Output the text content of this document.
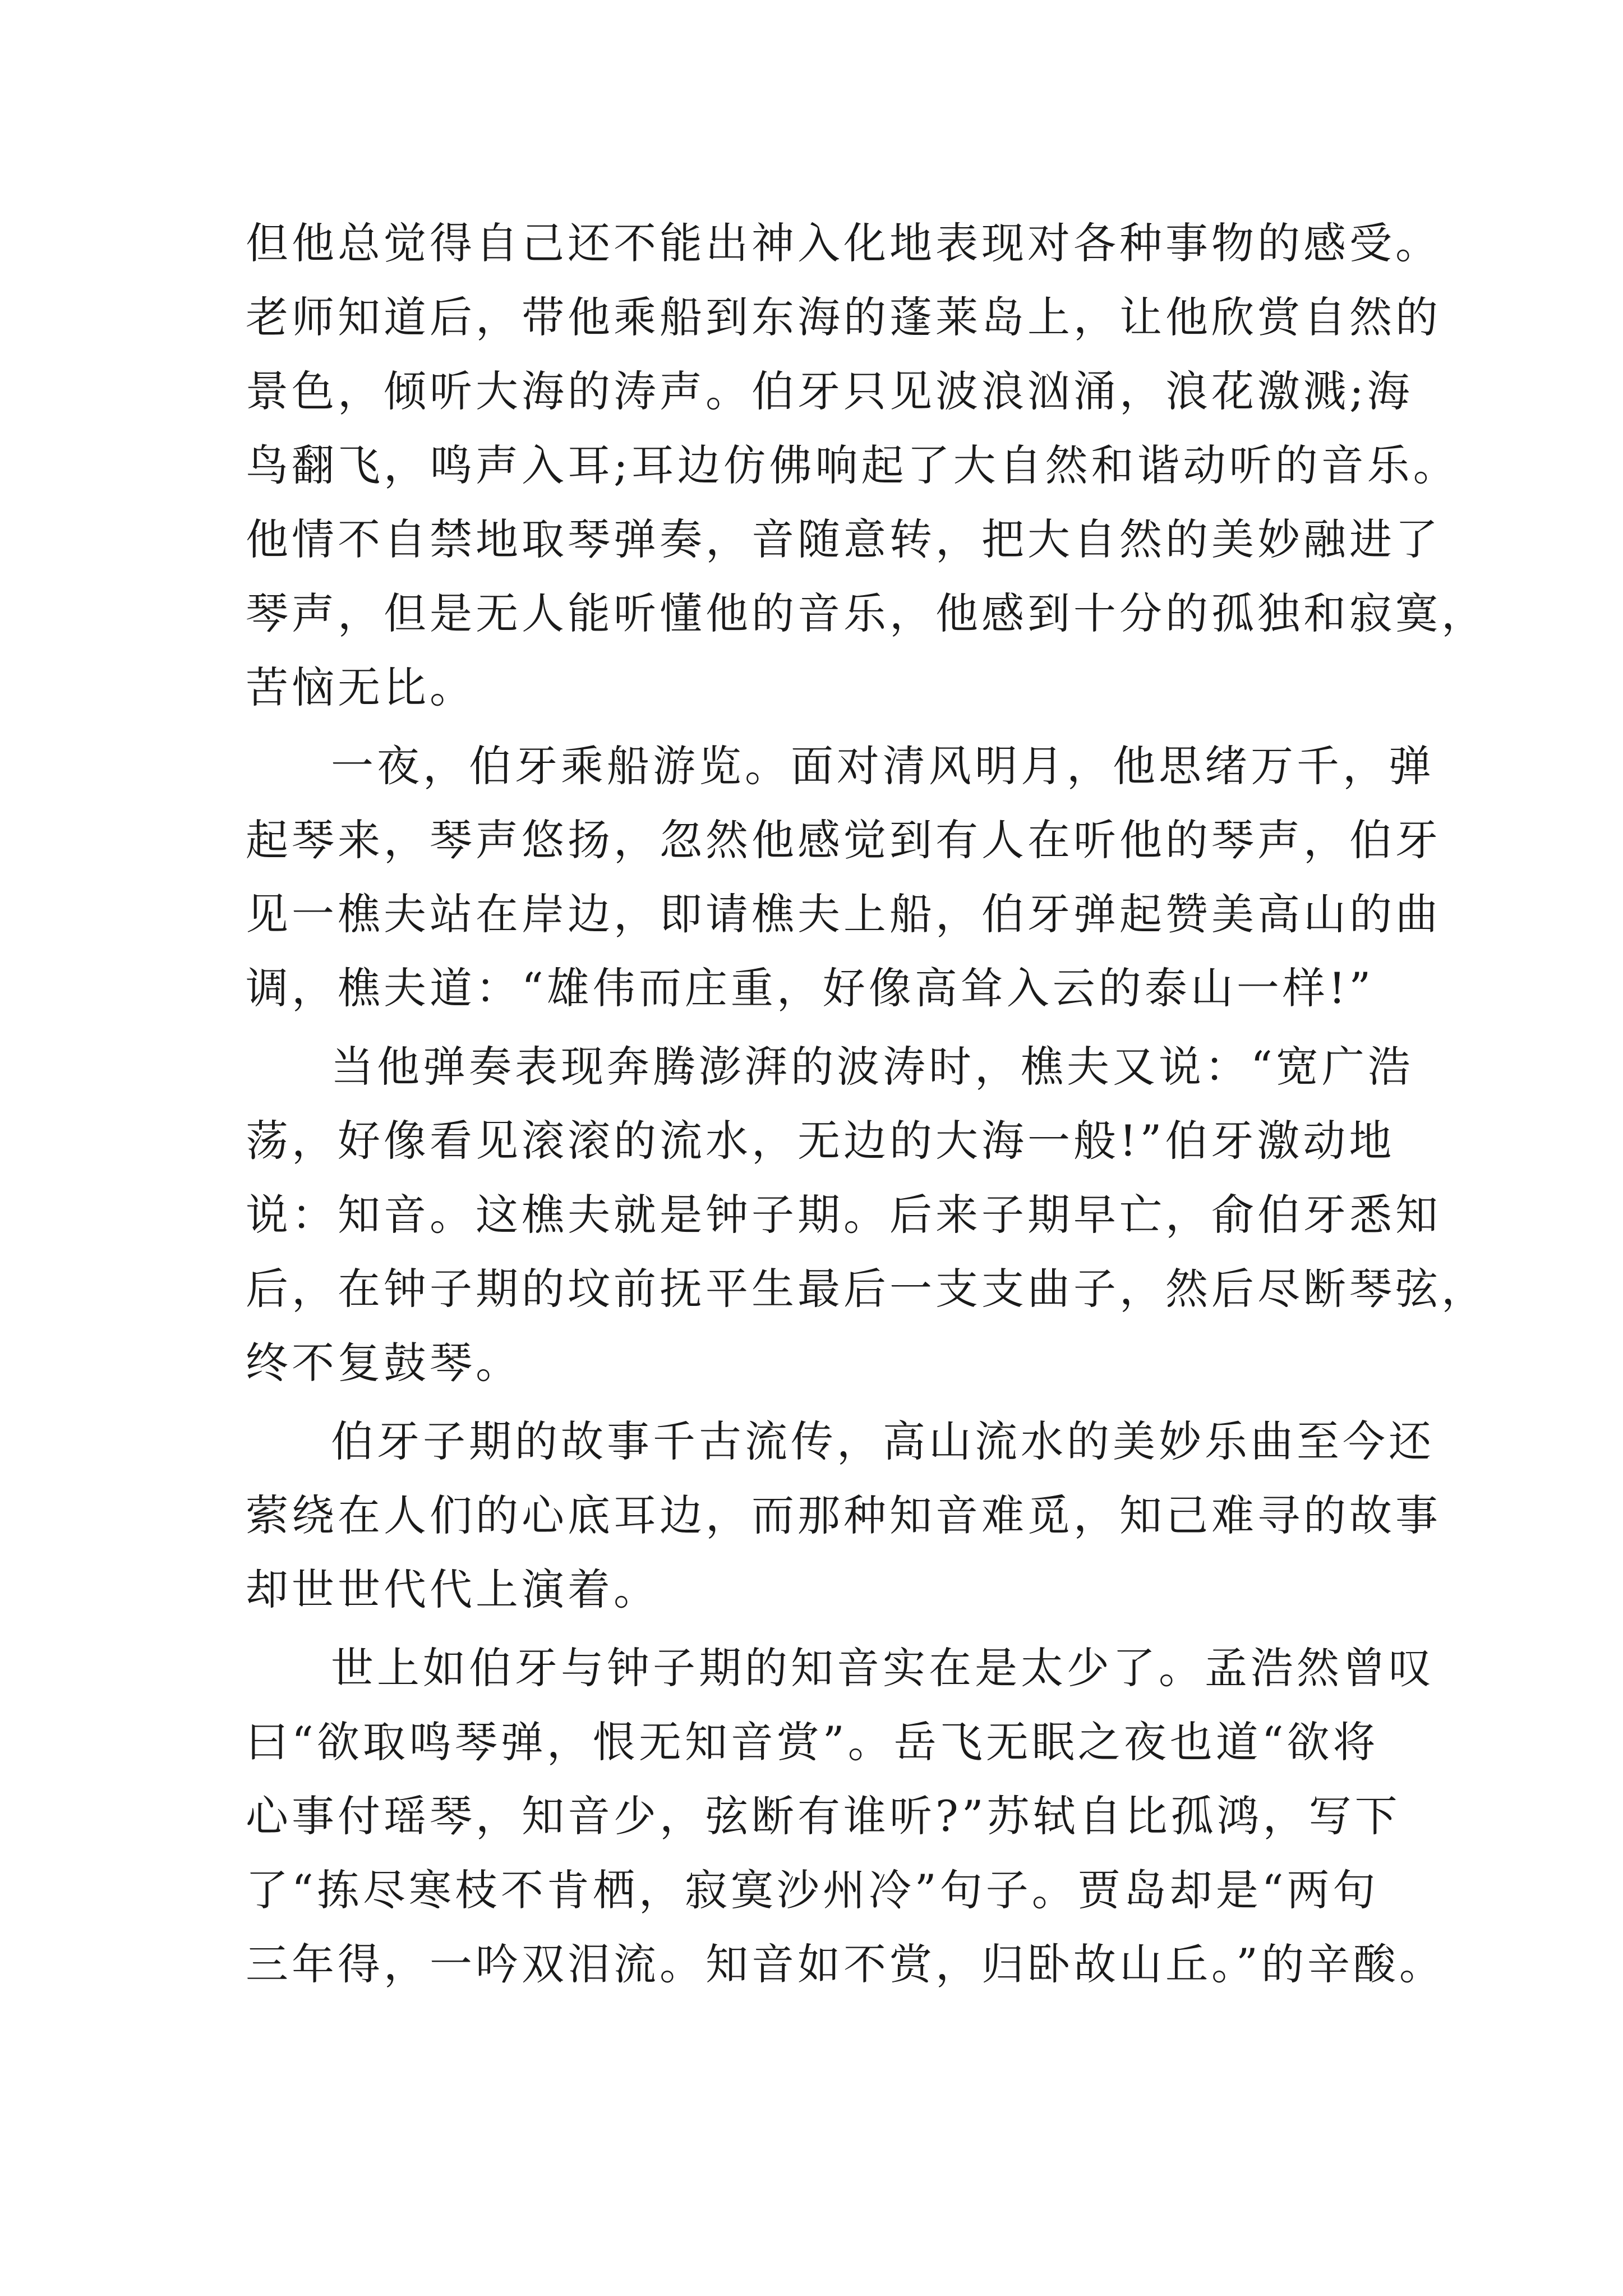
但他总觉得自己还不能出神入化地表现对各种事物的感受。
老师知道后，带他乘船到东海的蓬莱岛上，让他欣赏自然的
景色，倾听大海的涛声。伯牙只见波浪汹涌，浪花激溅;海
鸟翻飞，鸣声入耳;耳边仿佛响起了大自然和谐动听的音乐。
他情不自禁地取琴弹奏，音随意转，把大自然的美妙融进了
琴声，但是无人能听懂他的音乐，他感到十分的孤独和寂寞，
苦恼无比。
一夜，伯牙乘船游览。面对清风明月，他思绪万千，弹
起琴来，琴声悠扬，忽然他感觉到有人在听他的琴声，伯牙
见一樵夫站在岸边，即请樵夫上船，伯牙弹起赞美高山的曲
调，樵夫道：“雄伟而庄重，好像高耸入云的泰山一样!”
当他弹奏表现奔腾澎湃的波涛时，樵夫又说：“宽广浩
荡，好像看见滚滚的流水，无边的大海一般!”伯牙激动地
说：知音。这樵夫就是钟子期。后来子期早亡，俞伯牙悉知
后，在钟子期的坟前抚平生最后一支支曲子，然后尽断琴弦，
终不复鼓琴。
伯牙子期的故事千古流传，高山流水的美妙乐曲至今还
萦绕在人们的心底耳边，而那种知音难觅，知己难寻的故事
却世世代代上演着。
世上如伯牙与钟子期的知音实在是太少了。孟浩然曾叹
曰“欲取鸣琴弹，恨无知音赏”。岳飞无眠之夜也道“欲将
心事付瑶琴，知音少，弦断有谁听?”苏轼自比孤鸿，写下
了“拣尽寒枝不肯栖，寂寞沙州冷”句子。贾岛却是“两句
三年得，一吟双泪流。知音如不赏，归卧故山丘。”的辛酸。
